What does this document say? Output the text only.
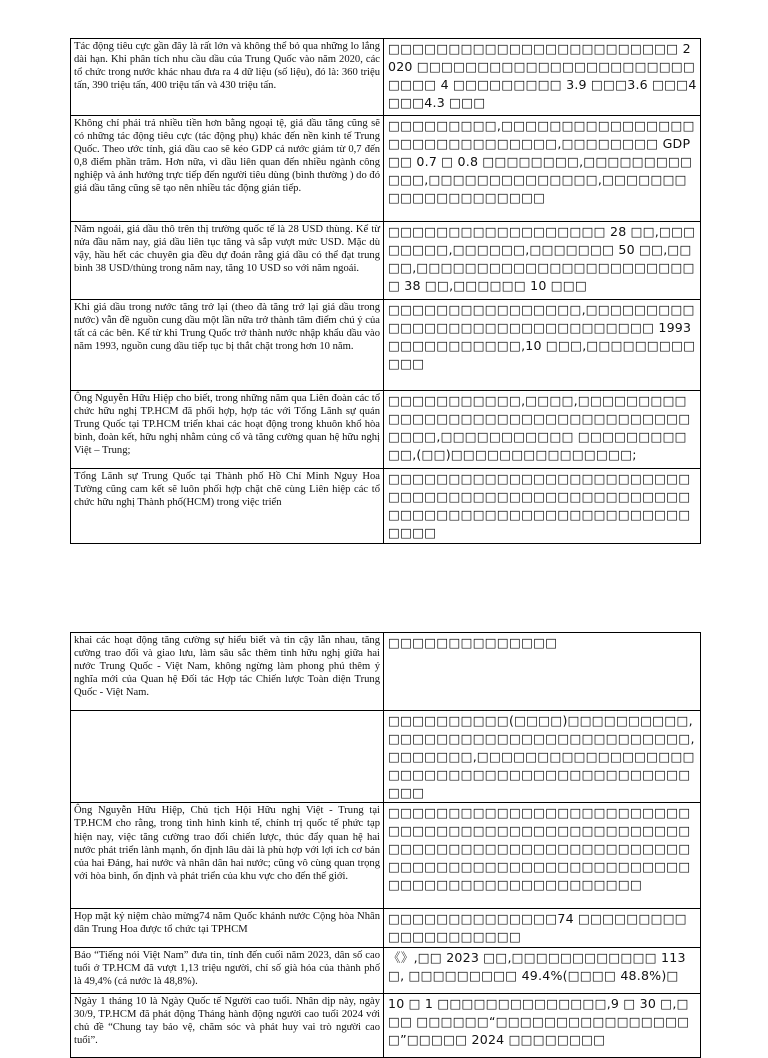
Tác động tiêu cực gần đây là rất lớn và không thể bỏ qua những lo lắng dài hạn. Khi phân tích nhu cầu dầu của Trung Quốc vào năm 2020, các tổ chức trong nước khác nhau đưa ra 4 dữ liệu (số liệu), đó là: 360 triệu tấn, 390 triệu tấn, 400 triệu tấn và 430 triệu tấn.	□□□□□□□□□□□□□□□□□□□□□□□□ 2020 □□□□□□□□□□□□□□□□□□□□□□□□□□□ 4 □□□□□□□□□ 3.9 □□□3.6 □□□4 □□□4.3 □□□
Không chỉ phải trả nhiều tiền hơn bằng ngoại tệ, giá dầu tăng cũng sẽ có những tác động tiêu cực (tác động phụ) khác đến nền kinh tế Trung Quốc. Theo ước tính, giá dầu cao sẽ kéo GDP cả nước giảm từ 0,7 đến 0,8 điểm phần trăm. Hơn nữa, vì dầu liên quan đến nhiều ngành công nghiệp và ảnh hưởng trực tiếp đến người tiêu dùng (bình thường ) do đó giá dầu tăng cũng sẽ tạo nên nhiều tác động gián tiếp.	□□□□□□□□□,□□□□□□□□□□□□□□□□□□□□□□□□□□□□□□,□□□□□□□□ GDP □□ 0.7 □ 0.8 □□□□□□□□,□□□□□□□□□□□□,□□□□□□□□□□□□□□,□□□□□□□□□□□□□□□□□□□□
Năm ngoái, giá dầu thô trên thị trường quốc tế là 28 USD thùng. Kể từ nửa đầu năm nay, giá dầu liên tục tăng và sắp vượt mức USD. Mặc dù vậy, hầu hết các chuyên gia đều dự đoán rằng giá dầu có thể đạt trung bình 38 USD/thùng trong năm nay, tăng 10 USD so với năm ngoái.	□□□□□□□□□□□□□□□□□□ 28 □□,□□□□□□□□,□□□□□□,□□□□□□□ 50 □□,□□□□,□□□□□□□□□□□□□□□□□□□□□□□□ 38 □□,□□□□□□ 10 □□□
Khi giá dầu trong nước tăng trở lại (theo đà tăng trở lại giá dầu trong nước) vẫn đề nguồn cung dầu một lần nữa trở thành tâm điểm chú ý của tất cả các bên. Kể từ khi Trung Quốc trở thành nước nhập khẩu dầu vào năm 1993, nguồn cung dầu tiếp tục bị thắt chặt trong hơn 10 năm.	□□□□□□□□□□□□□□□□,□□□□□□□□□□□□□□□□□□□□□□□□□□□□□□□ 1993 □□□□□□□□□□□,10 □□□,□□□□□□□□□□□□
Ông Nguyễn Hữu Hiệp cho biết, trong những năm qua Liên đoàn các tổ chức hữu nghị TP.HCM đã phối hợp, hợp tác với Tổng Lãnh sự quán Trung Quốc tại TP.HCM triển khai các hoạt động trong khuôn khổ hòa bình, đoàn kết, hữu nghị nhằm củng cố và tăng cường quan hệ hữu nghị Việt – Trung;	□□□□□□□□□□□,□□□□,□□□□□□□□□□□□□□□□□□□□□□□□□□□□□□□□□□□□□□,□□□□□□□□□□□ □□□□□□□□□□□,(□□)□□□□□□□□□□□□□□□;
Tổng Lãnh sự Trung Quốc tại Thành phố Hồ Chí Minh Nguy Hoa Tường cũng cam kết sẽ luôn phối hợp chặt chẽ cùng Liên hiệp các tổ chức hữu nghị Thành phố(HCM) trong việc triển	□□□□□□□□□□□□□□□□□□□□□□□□□□□□□□□□□□□□□□□□□□□□□□□□□□□□□□□□□□□□□□□□□□□□□□□□□□□□□□□
khai các hoạt động tăng cường sự hiểu biết và tin cậy lẫn nhau, tăng cường trao đổi và giao lưu, làm sâu sắc thêm tình hữu nghị giữa hai nước Trung Quốc - Việt Nam, không ngừng làm phong phú thêm ý nghĩa mới của Quan hệ Đối tác Hợp tác Chiến lược Toàn diện Trung Quốc - Việt Nam.	□□□□□□□□□□□□□□
	□□□□□□□□□□(□□□□)□□□□□□□□□□,□□□□□□□□□□□□□□□□□□□□□□□□□,□□□□□□□,□□□□□□□□□□□□□□□□□□□□□□□□□□□□□□□□□□□□□□□□□□□□□□
Ông Nguyễn Hữu Hiệp, Chủ tịch Hội Hữu nghị Việt - Trung tại TP.HCM cho rằng, trong tình hình kinh tế, chính trị quốc tế phức tạp hiện nay, việc tăng cường trao đổi chiến lược, thúc đẩy quan hệ hai nước phát triển lành mạnh, ổn định lâu dài là phù hợp với lợi ích cơ bản của hai Đảng, hai nước và nhân dân hai nước; cũng vô cùng quan trọng với hòa bình, ổn định và phát triển của khu vực cho đến thế giới.	□□□□□□□□□□□□□□□□□□□□□□□□□□□□□□□□□□□□□□□□□□□□□□□□□□□□□□□□□□□□□□□□□□□□□□□□□□□□□□□□□□□□□□□□□□□□□□□□□□□□□□□□□□□□□□□□□□□□□□□□□
Họp mặt kỷ niệm chào mừng74 năm Quốc khánh nước Cộng hòa Nhân dân Trung Hoa được tổ chức tại TPHCM	□□□□□□□□□□□□□□74 □□□□□□□□□□□□□□□□□□□□
Báo “Tiếng nói Việt Nam” đưa tin, tính đến cuối năm 2023, dân số cao tuổi ở TP.HCM đã vượt 1,13 triệu người, chỉ số già hóa của thành phố là 49,4% (cả nước là 48,8%).	《》,□□ 2023 □□,□□□□□□□□□□□□ 113 □, □□□□□□□□□ 49.4%(□□□□ 48.8%)□
Ngày 1 tháng 10 là Ngày Quốc tế Người cao tuổi. Nhân dịp này, ngày 30/9, TP.HCM đã phát động Tháng hành động người cao tuổi 2024 với chủ đề “Chung tay bảo vệ, chăm sóc và phát huy vai trò người cao tuổi”.	10 □ 1 □□□□□□□□□□□□□□,9 □ 30 □,□□□ □□□□□□“□□□□□□□□□□□□□□□□□”□□□□□ 2024 □□□□□□□□
